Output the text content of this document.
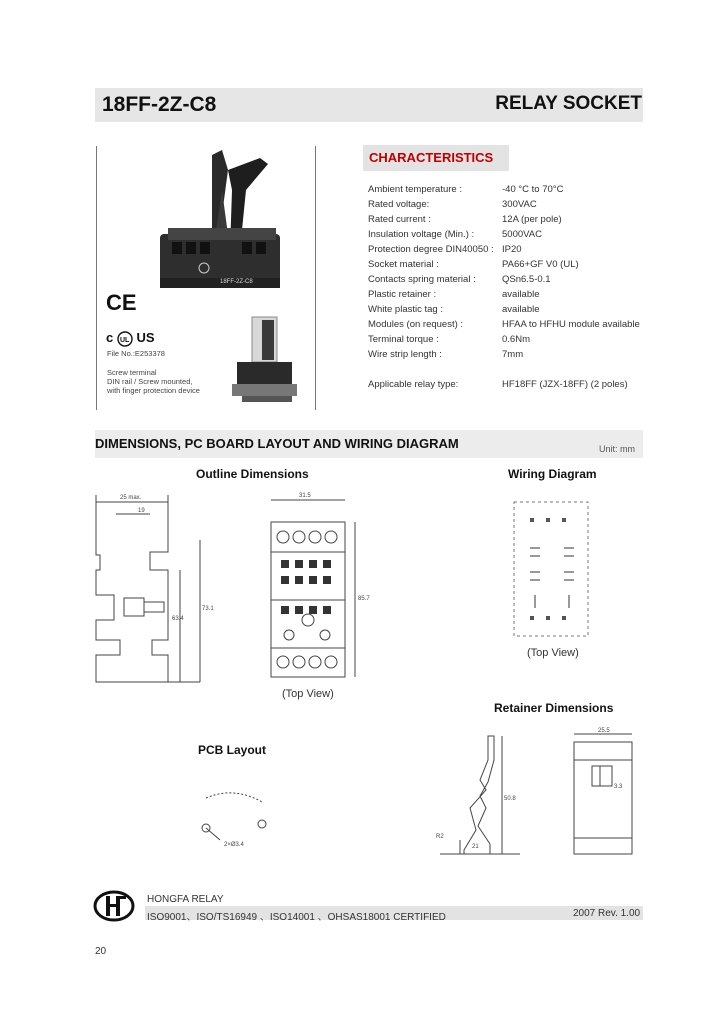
18FF-2Z-C8	RELAY SOCKET
18FF-2Z-C8
CE
c UL US
File No.:E253378
Screw terminal
DIN rail / Screw mounted,
with finger protection device
CHARACTERISTICS
Ambient temperature :	-40 °C to 70°C
Rated voltage:	300VAC
Rated current :	12A (per pole)
Insulation voltage (Min.) :	5000VAC
Protection degree DIN40050 : IP20
Socket material :	PA66+GF V0 (UL)
Contacts spring material :	QSn6.5-0.1
Plastic retainer :	available
White plastic tag :	available
Modules (on request) :	HFAA to HFHU module available
Terminal torque :	0.6Nm
Wire strip length :	7mm
Applicable relay type:	HF18FF (JZX-18FF) (2 poles)
DIMENSIONS, PC BOARD LAYOUT AND WIRING DIAGRAM	Unit: mm
Outline Dimensions	Wiring Diagram
Retainer Dimensions
PCB Layout
25 max.
19
73.1
63.4
31.5
85.7
(Top View)
(Top View)
50.8
R2
21
25.5
3.3
2×Ø3.4
HONGFA RELAY
ISO9001、ISO/TS16949 、ISO14001 、OHSAS18001 CERTIFIED	2007 Rev. 1.00
20
